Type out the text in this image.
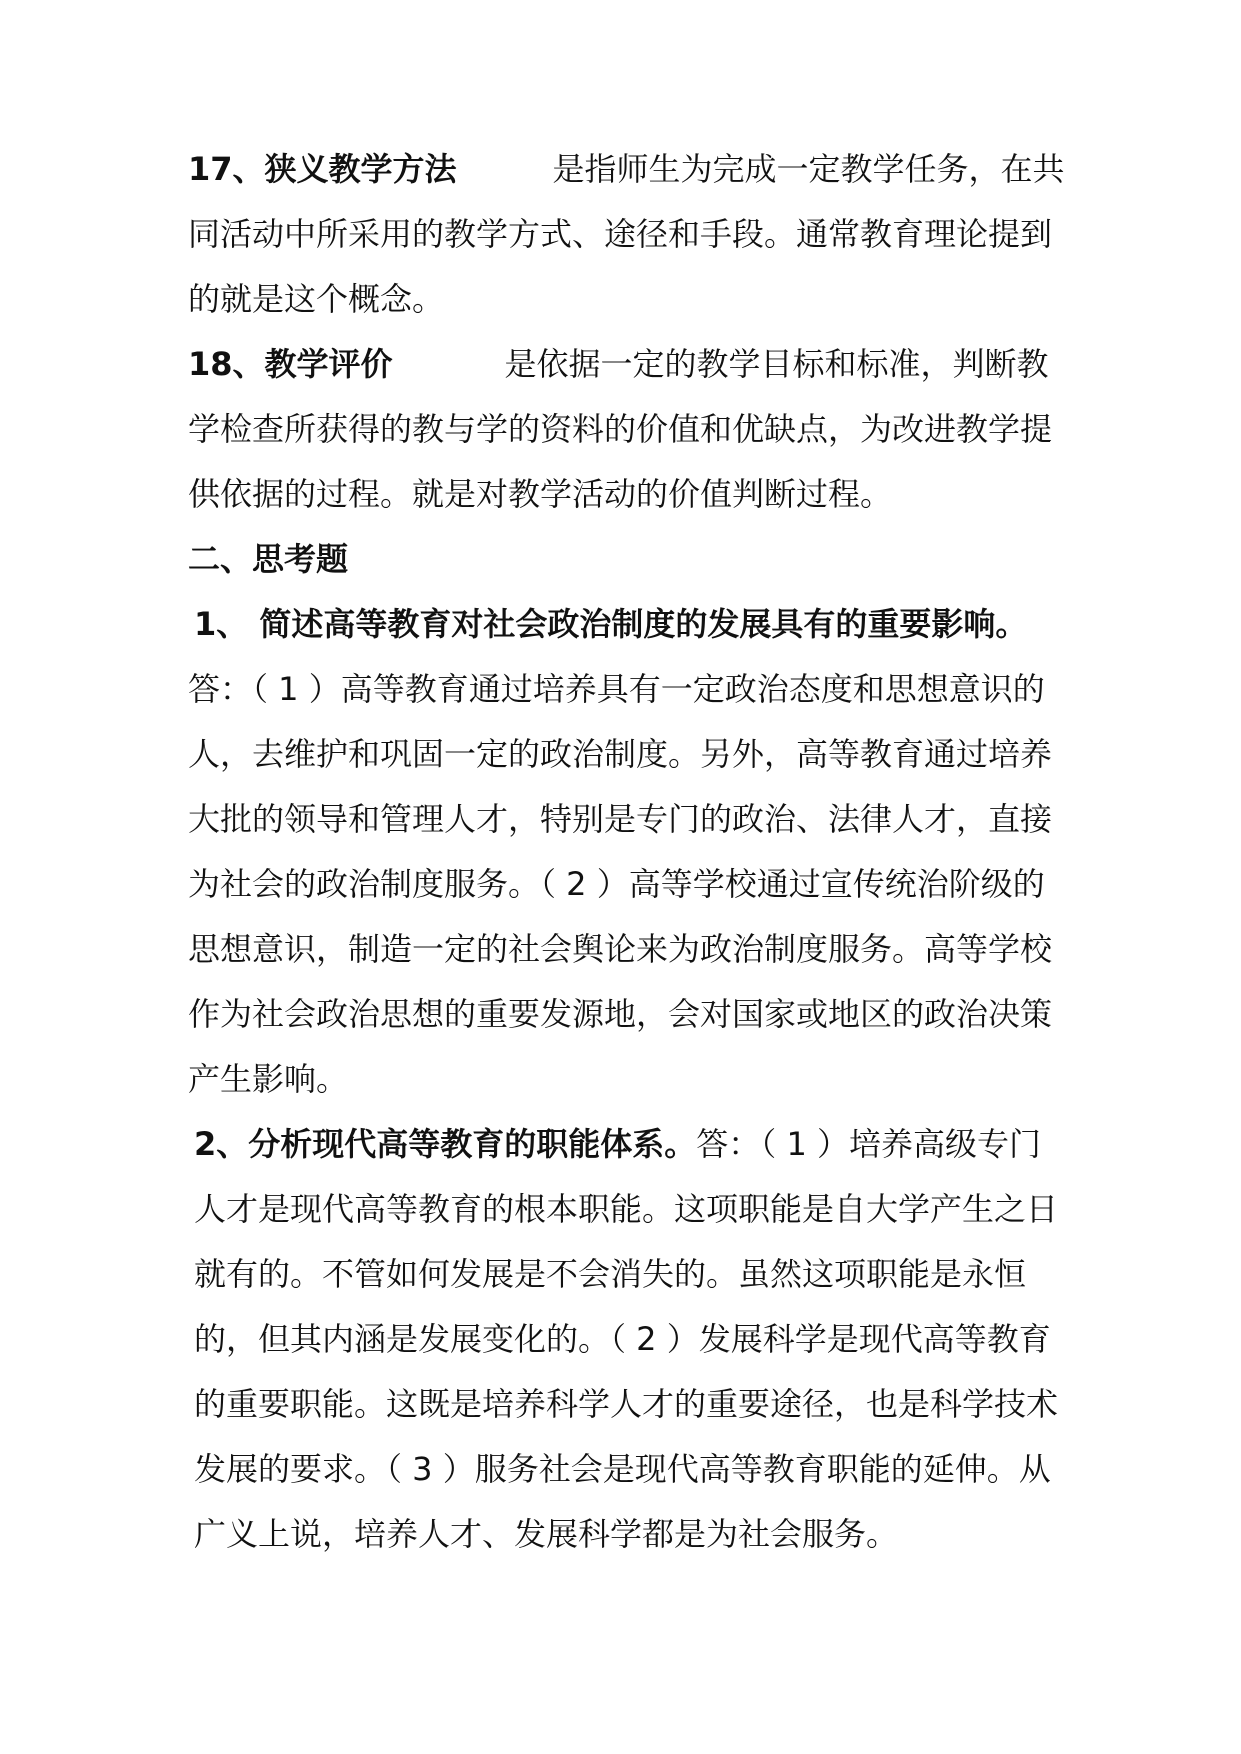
17、狭义教学方法	是指师生为完成一定教学任务，在共同活动中所采用的教学方式、途径和手段。通常教育理论提到的就是这个概念。

18、教学评价	是依据一定的教学目标和标准，判断教学检查所获得的教与学的资料的价值和优缺点，为改进教学提供依据的过程。就是对教学活动的价值判断过程。

二、思考题

1、 简述高等教育对社会政治制度的发展具有的重要影响。

答：（ 1 ）高等教育通过培养具有一定政治态度和思想意识的人，去维护和巩固一定的政治制度。另外，高等教育通过培养大批的领导和管理人才，特别是专门的政治、法律人才，直接为社会的政治制度服务。（ 2 ）高等学校通过宣传统治阶级的思想意识，制造一定的社会舆论来为政治制度服务。高等学校作为社会政治思想的重要发源地，会对国家或地区的政治决策产生影响。

2、分析现代高等教育的职能体系。答：（ 1 ）培养高级专门人才是现代高等教育的根本职能。这项职能是自大学产生之日就有的。不管如何发展是不会消失的。虽然这项职能是永恒的，但其内涵是发展变化的。（ 2 ）发展科学是现代高等教育的重要职能。这既是培养科学人才的重要途径，也是科学技术发展的要求。（ 3 ）服务社会是现代高等教育职能的延伸。从广义上说，培养人才、发展科学都是为社会服务。
